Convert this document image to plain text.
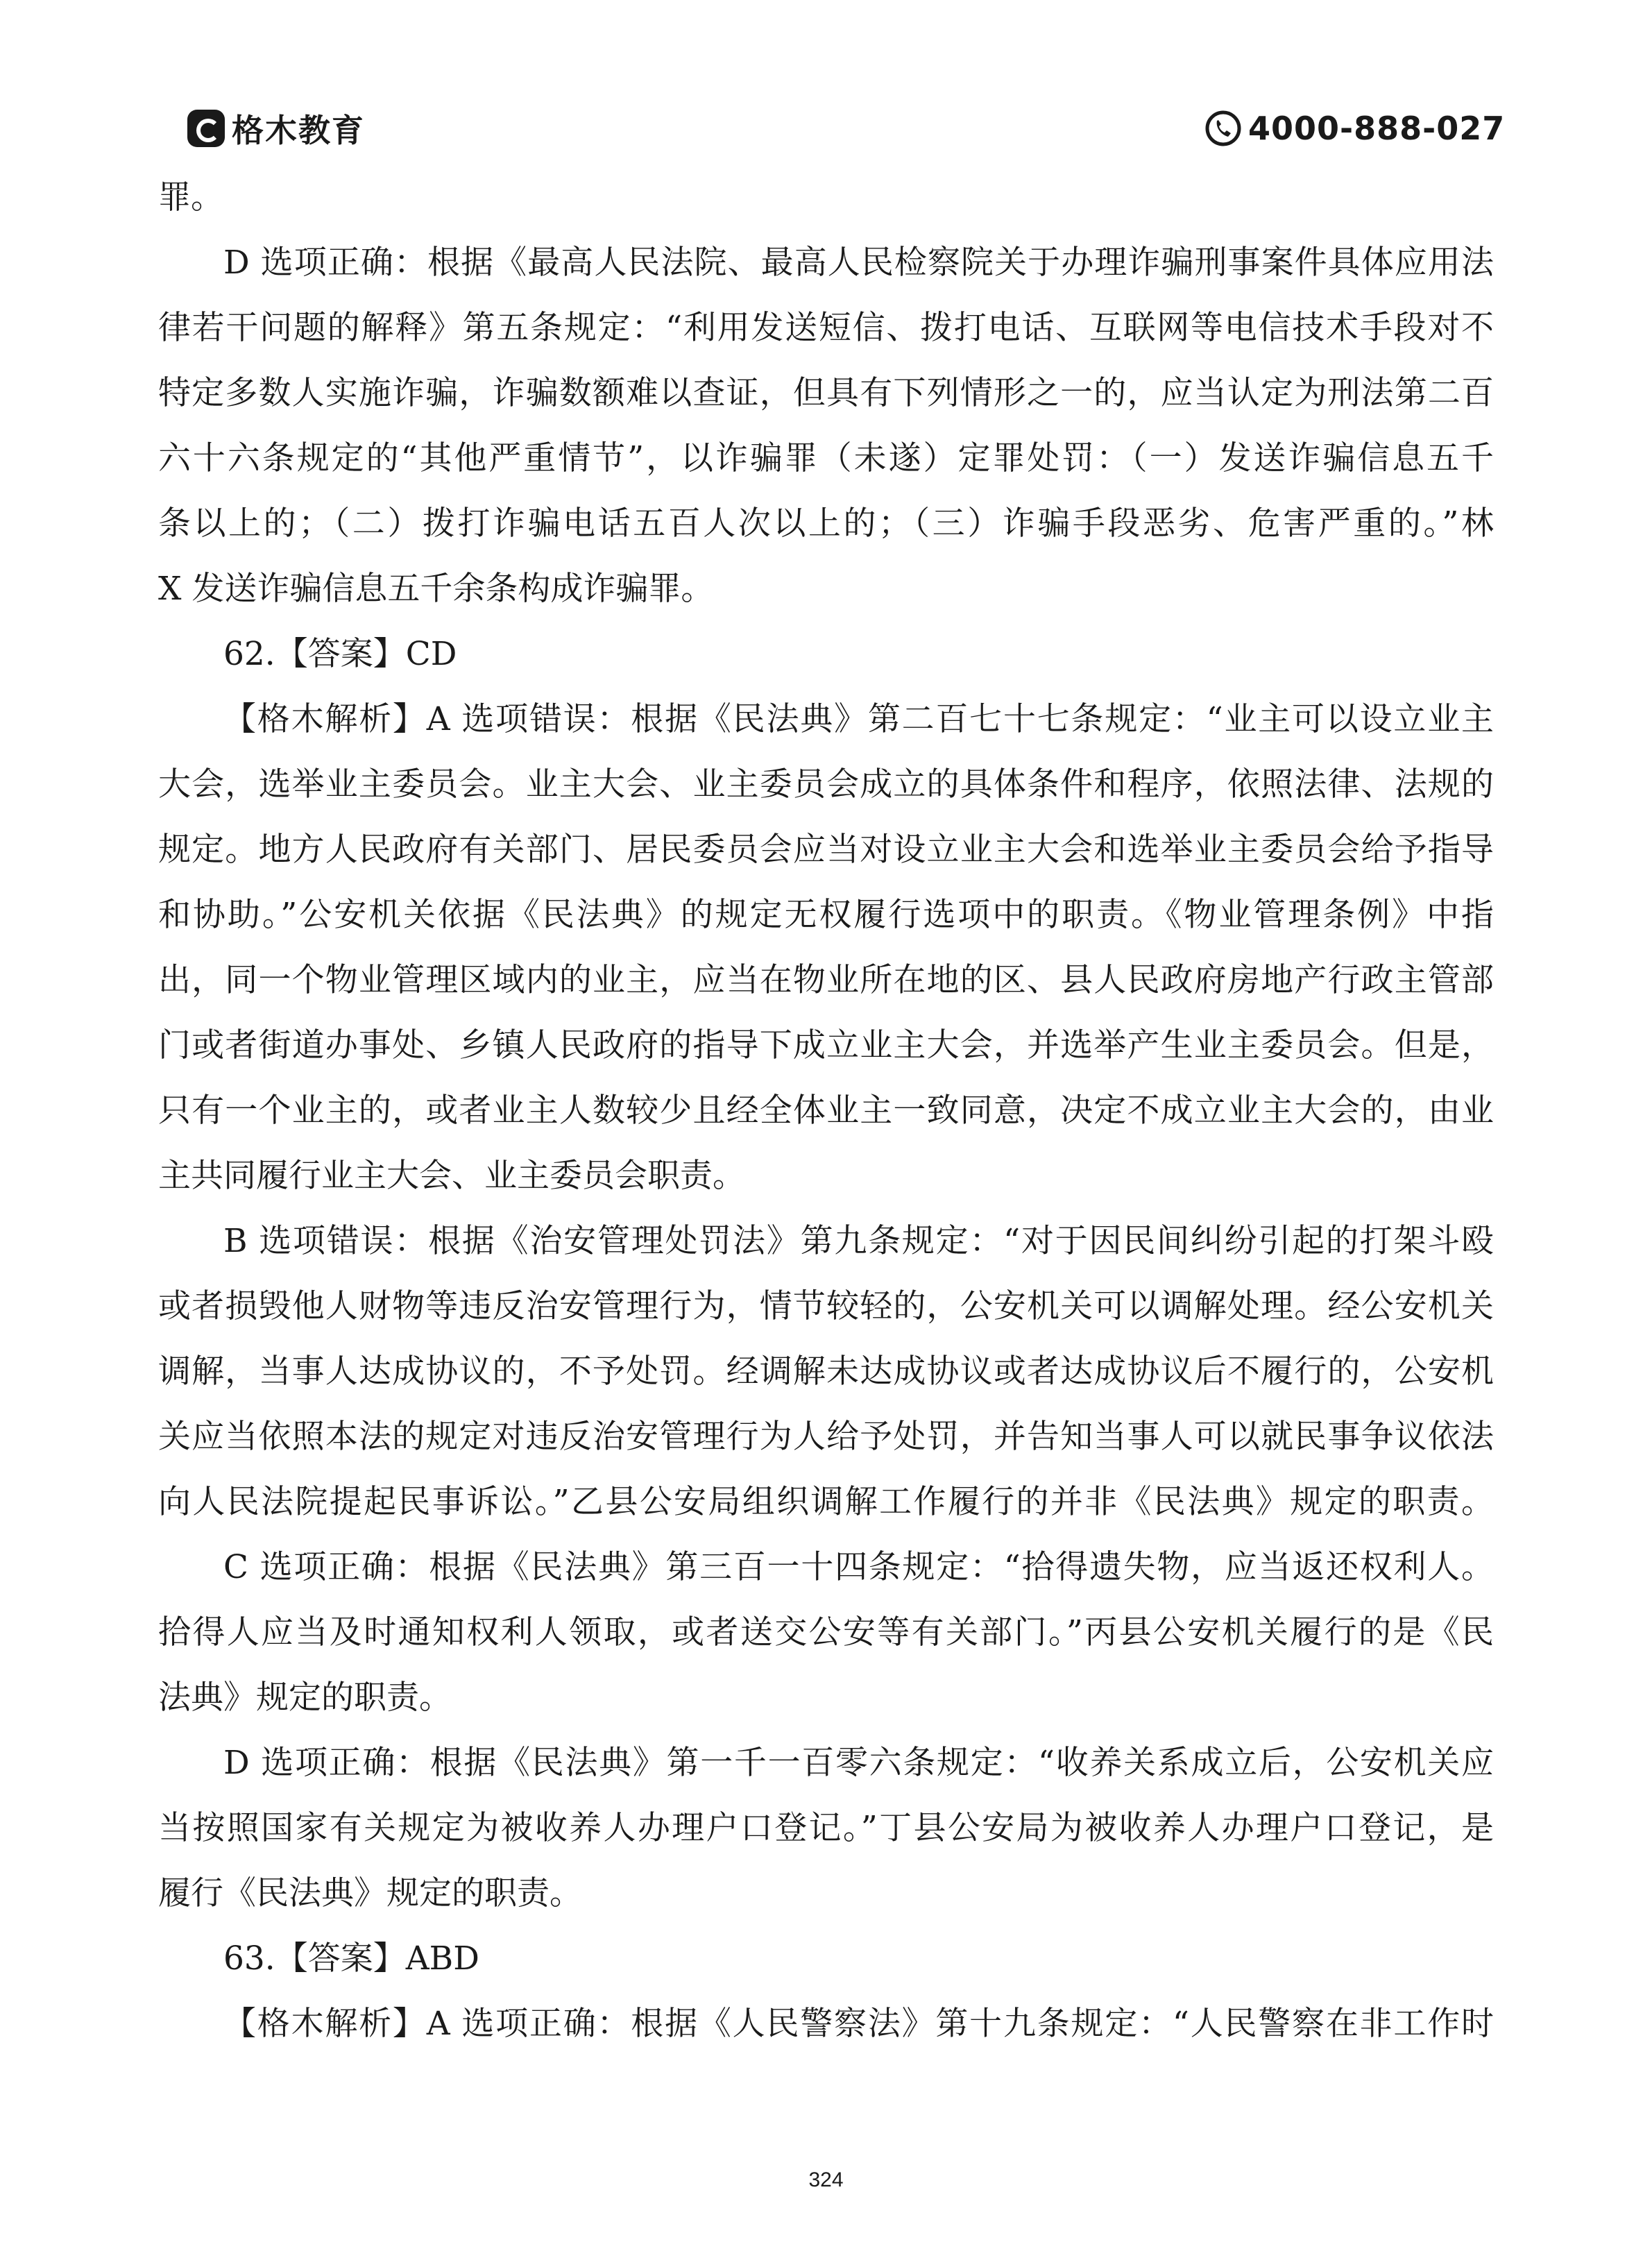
格木教育	4000-888-027
罪。
D 选项正确：根据《最高人民法院、最高人民检察院关于办理诈骗刑事案件具体应用法
律若干问题的解释》第五条规定：“利用发送短信、拨打电话、互联网等电信技术手段对不
特定多数人实施诈骗，诈骗数额难以查证，但具有下列情形之一的，应当认定为刑法第二百
六十六条规定的“其他严重情节”，以诈骗罪（未遂）定罪处罚：（一）发送诈骗信息五千
条以上的；（二）拨打诈骗电话五百人次以上的；（三）诈骗手段恶劣、危害严重的。”林
X 发送诈骗信息五千余条构成诈骗罪。
62.【答案】CD
【格木解析】A 选项错误：根据《民法典》第二百七十七条规定：“业主可以设立业主
大会，选举业主委员会。业主大会、业主委员会成立的具体条件和程序，依照法律、法规的
规定。地方人民政府有关部门、居民委员会应当对设立业主大会和选举业主委员会给予指导
和协助。”公安机关依据《民法典》的规定无权履行选项中的职责。《物业管理条例》中指
出，同一个物业管理区域内的业主，应当在物业所在地的区、县人民政府房地产行政主管部
门或者街道办事处、乡镇人民政府的指导下成立业主大会，并选举产生业主委员会。但是，
只有一个业主的，或者业主人数较少且经全体业主一致同意，决定不成立业主大会的，由业
主共同履行业主大会、业主委员会职责。
B 选项错误：根据《治安管理处罚法》第九条规定：“对于因民间纠纷引起的打架斗殴
或者损毁他人财物等违反治安管理行为，情节较轻的，公安机关可以调解处理。经公安机关
调解，当事人达成协议的，不予处罚。经调解未达成协议或者达成协议后不履行的，公安机
关应当依照本法的规定对违反治安管理行为人给予处罚，并告知当事人可以就民事争议依法
向人民法院提起民事诉讼。”乙县公安局组织调解工作履行的并非《民法典》规定的职责。
C 选项正确：根据《民法典》第三百一十四条规定：“拾得遗失物，应当返还权利人。
拾得人应当及时通知权利人领取，或者送交公安等有关部门。”丙县公安机关履行的是《民
法典》规定的职责。
D 选项正确：根据《民法典》第一千一百零六条规定：“收养关系成立后，公安机关应
当按照国家有关规定为被收养人办理户口登记。”丁县公安局为被收养人办理户口登记，是
履行《民法典》规定的职责。
63.【答案】ABD
【格木解析】A 选项正确：根据《人民警察法》第十九条规定：“人民警察在非工作时
324
